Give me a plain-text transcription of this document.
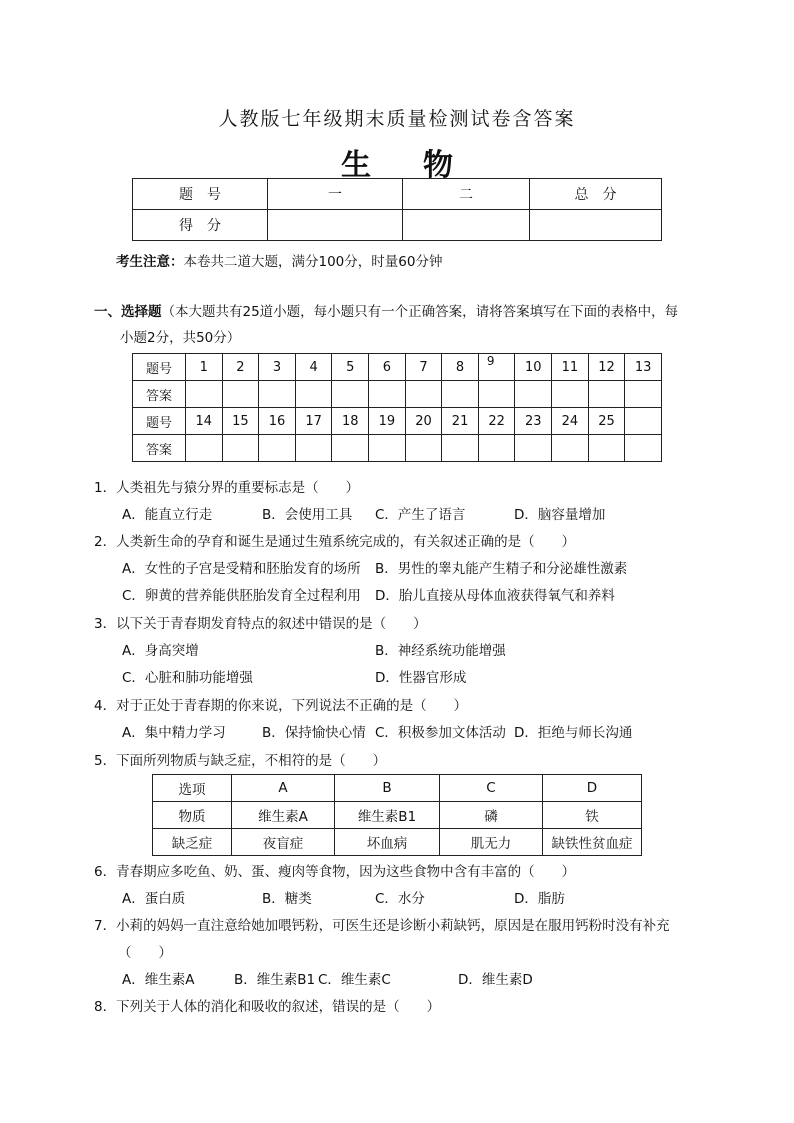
人教版七年级期末质量检测试卷含答案
生 物
题　号	一	二	总　分
得　分			
考生注意：本卷共二道大题，满分100分，时量60分钟
一、选择题（本大题共有25道小题，每小题只有一个正确答案，请将答案填写在下面的表格中，每
小题2分，共50分）
题号	1	2	3	4	5	6	7	8	9	10	11	12	13
答案													
题号	14	15	16	17	18	19	20	21	22	23	24	25	
答案													
1．人类祖先与猿分界的重要标志是（　　）
A．能直立行走	B．会使用工具 C．产生了语言	D．脑容量增加
2．人类新生命的孕育和诞生是通过生殖系统完成的，有关叙述正确的是（　　）
A．女性的子宫是受精和胚胎发育的场所 B．男性的睾丸能产生精子和分泌雄性激素
C．卵黄的营养能供胚胎发育全过程利用 D．胎儿直接从母体血液获得氧气和养料
3．以下关于青春期发育特点的叙述中错误的是（　　）
A．身高突增	B．神经系统功能增强
C．心脏和肺功能增强	D．性器官形成
4．对于正处于青春期的你来说，下列说法不正确的是（　　）
A．集中精力学习	B．保持愉快心情 C．积极参加文体活动 D．拒绝与师长沟通
5．下面所列物质与缺乏症，不相符的是（　　）
选项	A	B	C	D
物质	维生素A	维生素B1	磷	铁
缺乏症	夜盲症	坏血病	肌无力	缺铁性贫血症
6．青春期应多吃鱼、奶、蛋、瘦肉等食物，因为这些食物中含有丰富的（　　）
A．蛋白质	B．糖类	C．水分	D．脂肪
7．小莉的妈妈一直注意给她加喂钙粉，可医生还是诊断小莉缺钙，原因是在服用钙粉时没有补充
（　　）
A．维生素A	B．维生素B1 C．维生素C	D．维生素D
8．下列关于人体的消化和吸收的叙述，错误的是（　　）
